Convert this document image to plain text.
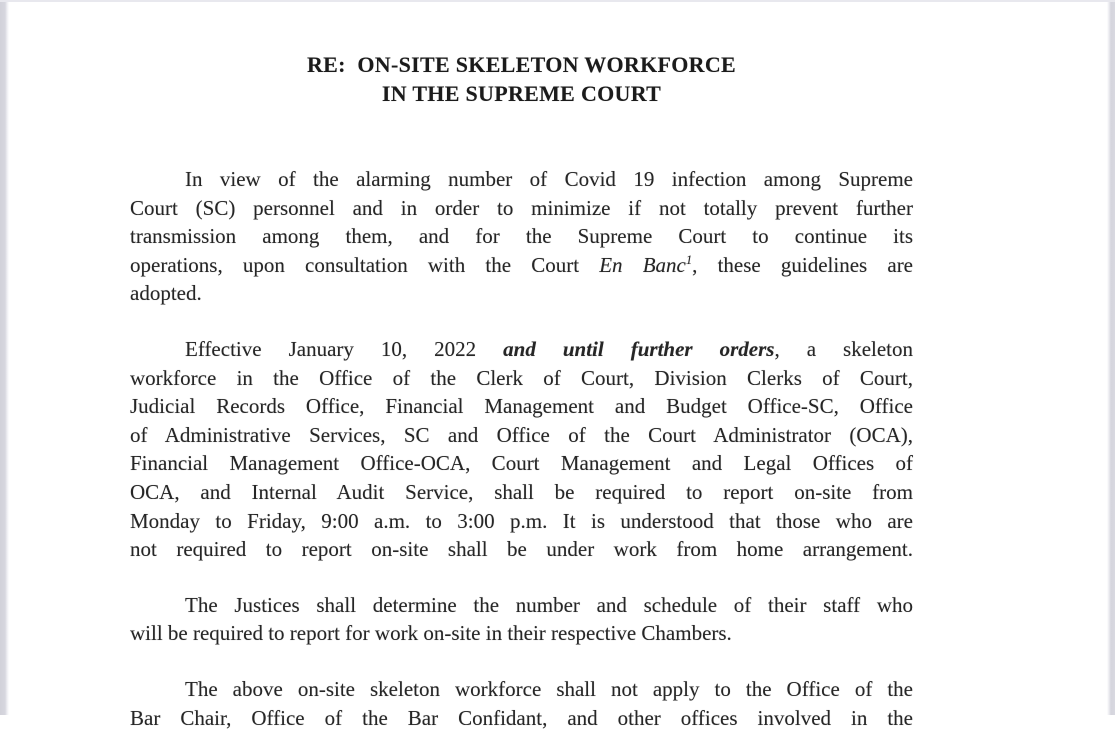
RE:  ON-SITE SKELETON WORKFORCE
IN THE SUPREME COURT
In view of the alarming number of Covid 19 infection among Supreme
Court (SC) personnel and in order to minimize if not totally prevent further
transmission among them, and for the Supreme Court to continue its
operations, upon consultation with the Court En Banc$^1$, these guidelines are
adopted.
Effective January 10, 2022 and until further orders, a skeleton
workforce in the Office of the Clerk of Court, Division Clerks of Court,
Judicial Records Office, Financial Management and Budget Office-SC, Office
of Administrative Services, SC and Office of the Court Administrator (OCA),
Financial Management Office-OCA, Court Management and Legal Offices of
OCA, and Internal Audit Service, shall be required to report on-site from
Monday to Friday, 9:00 a.m. to 3:00 p.m. It is understood that those who are
not required to report on-site shall be under work from home arrangement.
The Justices shall determine the number and schedule of their staff who
will be required to report for work on-site in their respective Chambers.
The above on-site skeleton workforce shall not apply to the Office of the
Bar Chair, Office of the Bar Confidant, and other offices involved in the
